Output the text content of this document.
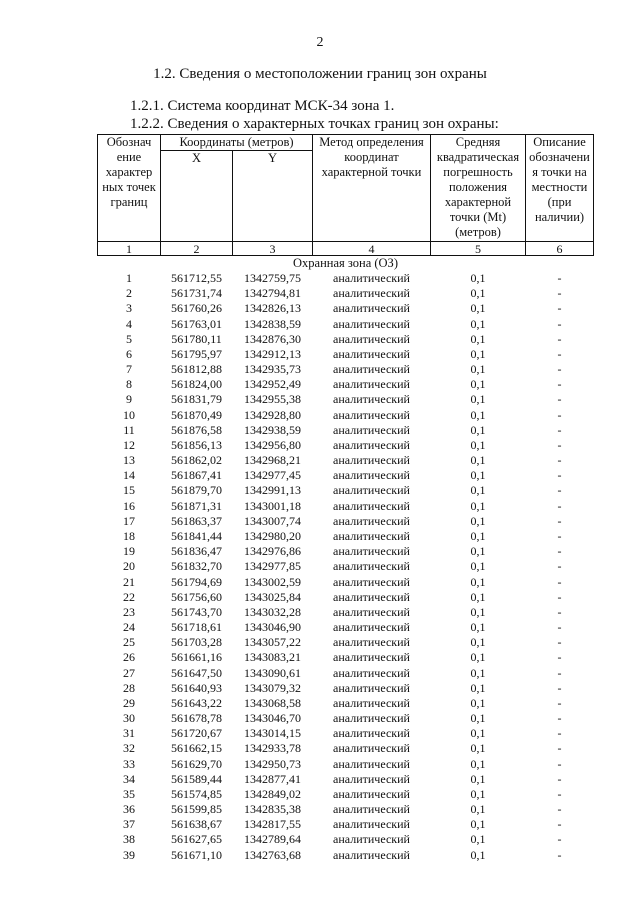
2
1.2. Сведения о местоположении границ зон охраны
1.2.1. Система координат МСК-34 зона 1.
1.2.2. Сведения о характерных точках границ зон охраны:
Обознач ение характер ных точек границ	Координаты (метров)		Метод определения координат характерной точки	Средняя квадратическая погрешность положения характерной точки (Mt) (метров)	Описание обозначени я точки на местности (при наличии)
	X	Y			
1	2	3	4	5	6
Охранная зона (ОЗ)					
1	561712,55	1342759,75	аналитический	0,1	-
2	561731,74	1342794,81	аналитический	0,1	-
3	561760,26	1342826,13	аналитический	0,1	-
4	561763,01	1342838,59	аналитический	0,1	-
5	561780,11	1342876,30	аналитический	0,1	-
6	561795,97	1342912,13	аналитический	0,1	-
7	561812,88	1342935,73	аналитический	0,1	-
8	561824,00	1342952,49	аналитический	0,1	-
9	561831,79	1342955,38	аналитический	0,1	-
10	561870,49	1342928,80	аналитический	0,1	-
11	561876,58	1342938,59	аналитический	0,1	-
12	561856,13	1342956,80	аналитический	0,1	-
13	561862,02	1342968,21	аналитический	0,1	-
14	561867,41	1342977,45	аналитический	0,1	-
15	561879,70	1342991,13	аналитический	0,1	-
16	561871,31	1343001,18	аналитический	0,1	-
17	561863,37	1343007,74	аналитический	0,1	-
18	561841,44	1342980,20	аналитический	0,1	-
19	561836,47	1342976,86	аналитический	0,1	-
20	561832,70	1342977,85	аналитический	0,1	-
21	561794,69	1343002,59	аналитический	0,1	-
22	561756,60	1343025,84	аналитический	0,1	-
23	561743,70	1343032,28	аналитический	0,1	-
24	561718,61	1343046,90	аналитический	0,1	-
25	561703,28	1343057,22	аналитический	0,1	-
26	561661,16	1343083,21	аналитический	0,1	-
27	561647,50	1343090,61	аналитический	0,1	-
28	561640,93	1343079,32	аналитический	0,1	-
29	561643,22	1343068,58	аналитический	0,1	-
30	561678,78	1343046,70	аналитический	0,1	-
31	561720,67	1343014,15	аналитический	0,1	-
32	561662,15	1342933,78	аналитический	0,1	-
33	561629,70	1342950,73	аналитический	0,1	-
34	561589,44	1342877,41	аналитический	0,1	-
35	561574,85	1342849,02	аналитический	0,1	-
36	561599,85	1342835,38	аналитический	0,1	-
37	561638,67	1342817,55	аналитический	0,1	-
38	561627,65	1342789,64	аналитический	0,1	-
39	561671,10	1342763,68	аналитический	0,1	-
